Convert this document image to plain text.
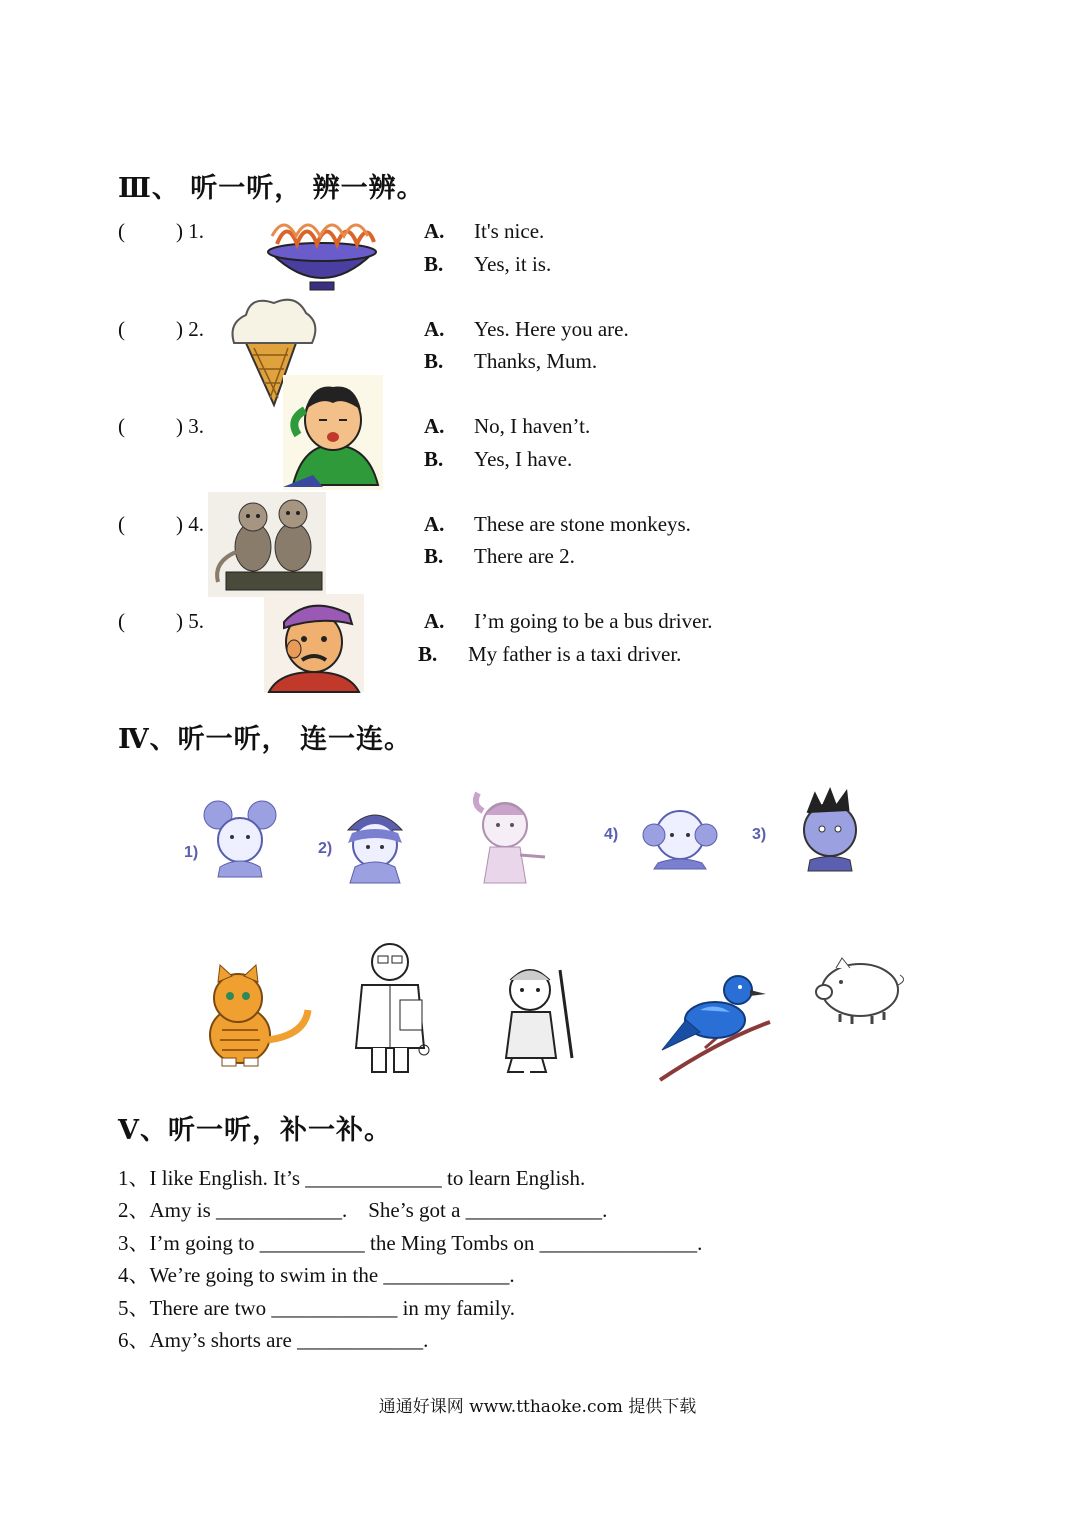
Ⅲ、 听一听， 辨一辨。
( ) 1.	A. It's nice.
B. Yes, it is.
( ) 2.	A. Yes. Here you are.
B. Thanks, Mum.
( ) 3.	A. No, I haven’t.
B. Yes, I have.
( ) 4.	A. These are stone monkeys.
B. There are 2.
( ) 5.	A. I’m going to be a bus driver.
B. My father is a taxi driver.
Ⅳ、听一听， 连一连。
1)	2)
4)	3)
Ⅴ、听一听，补一补。
1、I like English. It’s _____________ to learn English.
2、Amy is ____________.    She’s got a _____________.
3、I’m going to __________ the Ming Tombs on _______________.
4、We’re going to swim in the ____________.
5、There are two ____________ in my family.
6、Amy’s shorts are ____________.
通通好课网 www.tthaoke.com 提供下载
